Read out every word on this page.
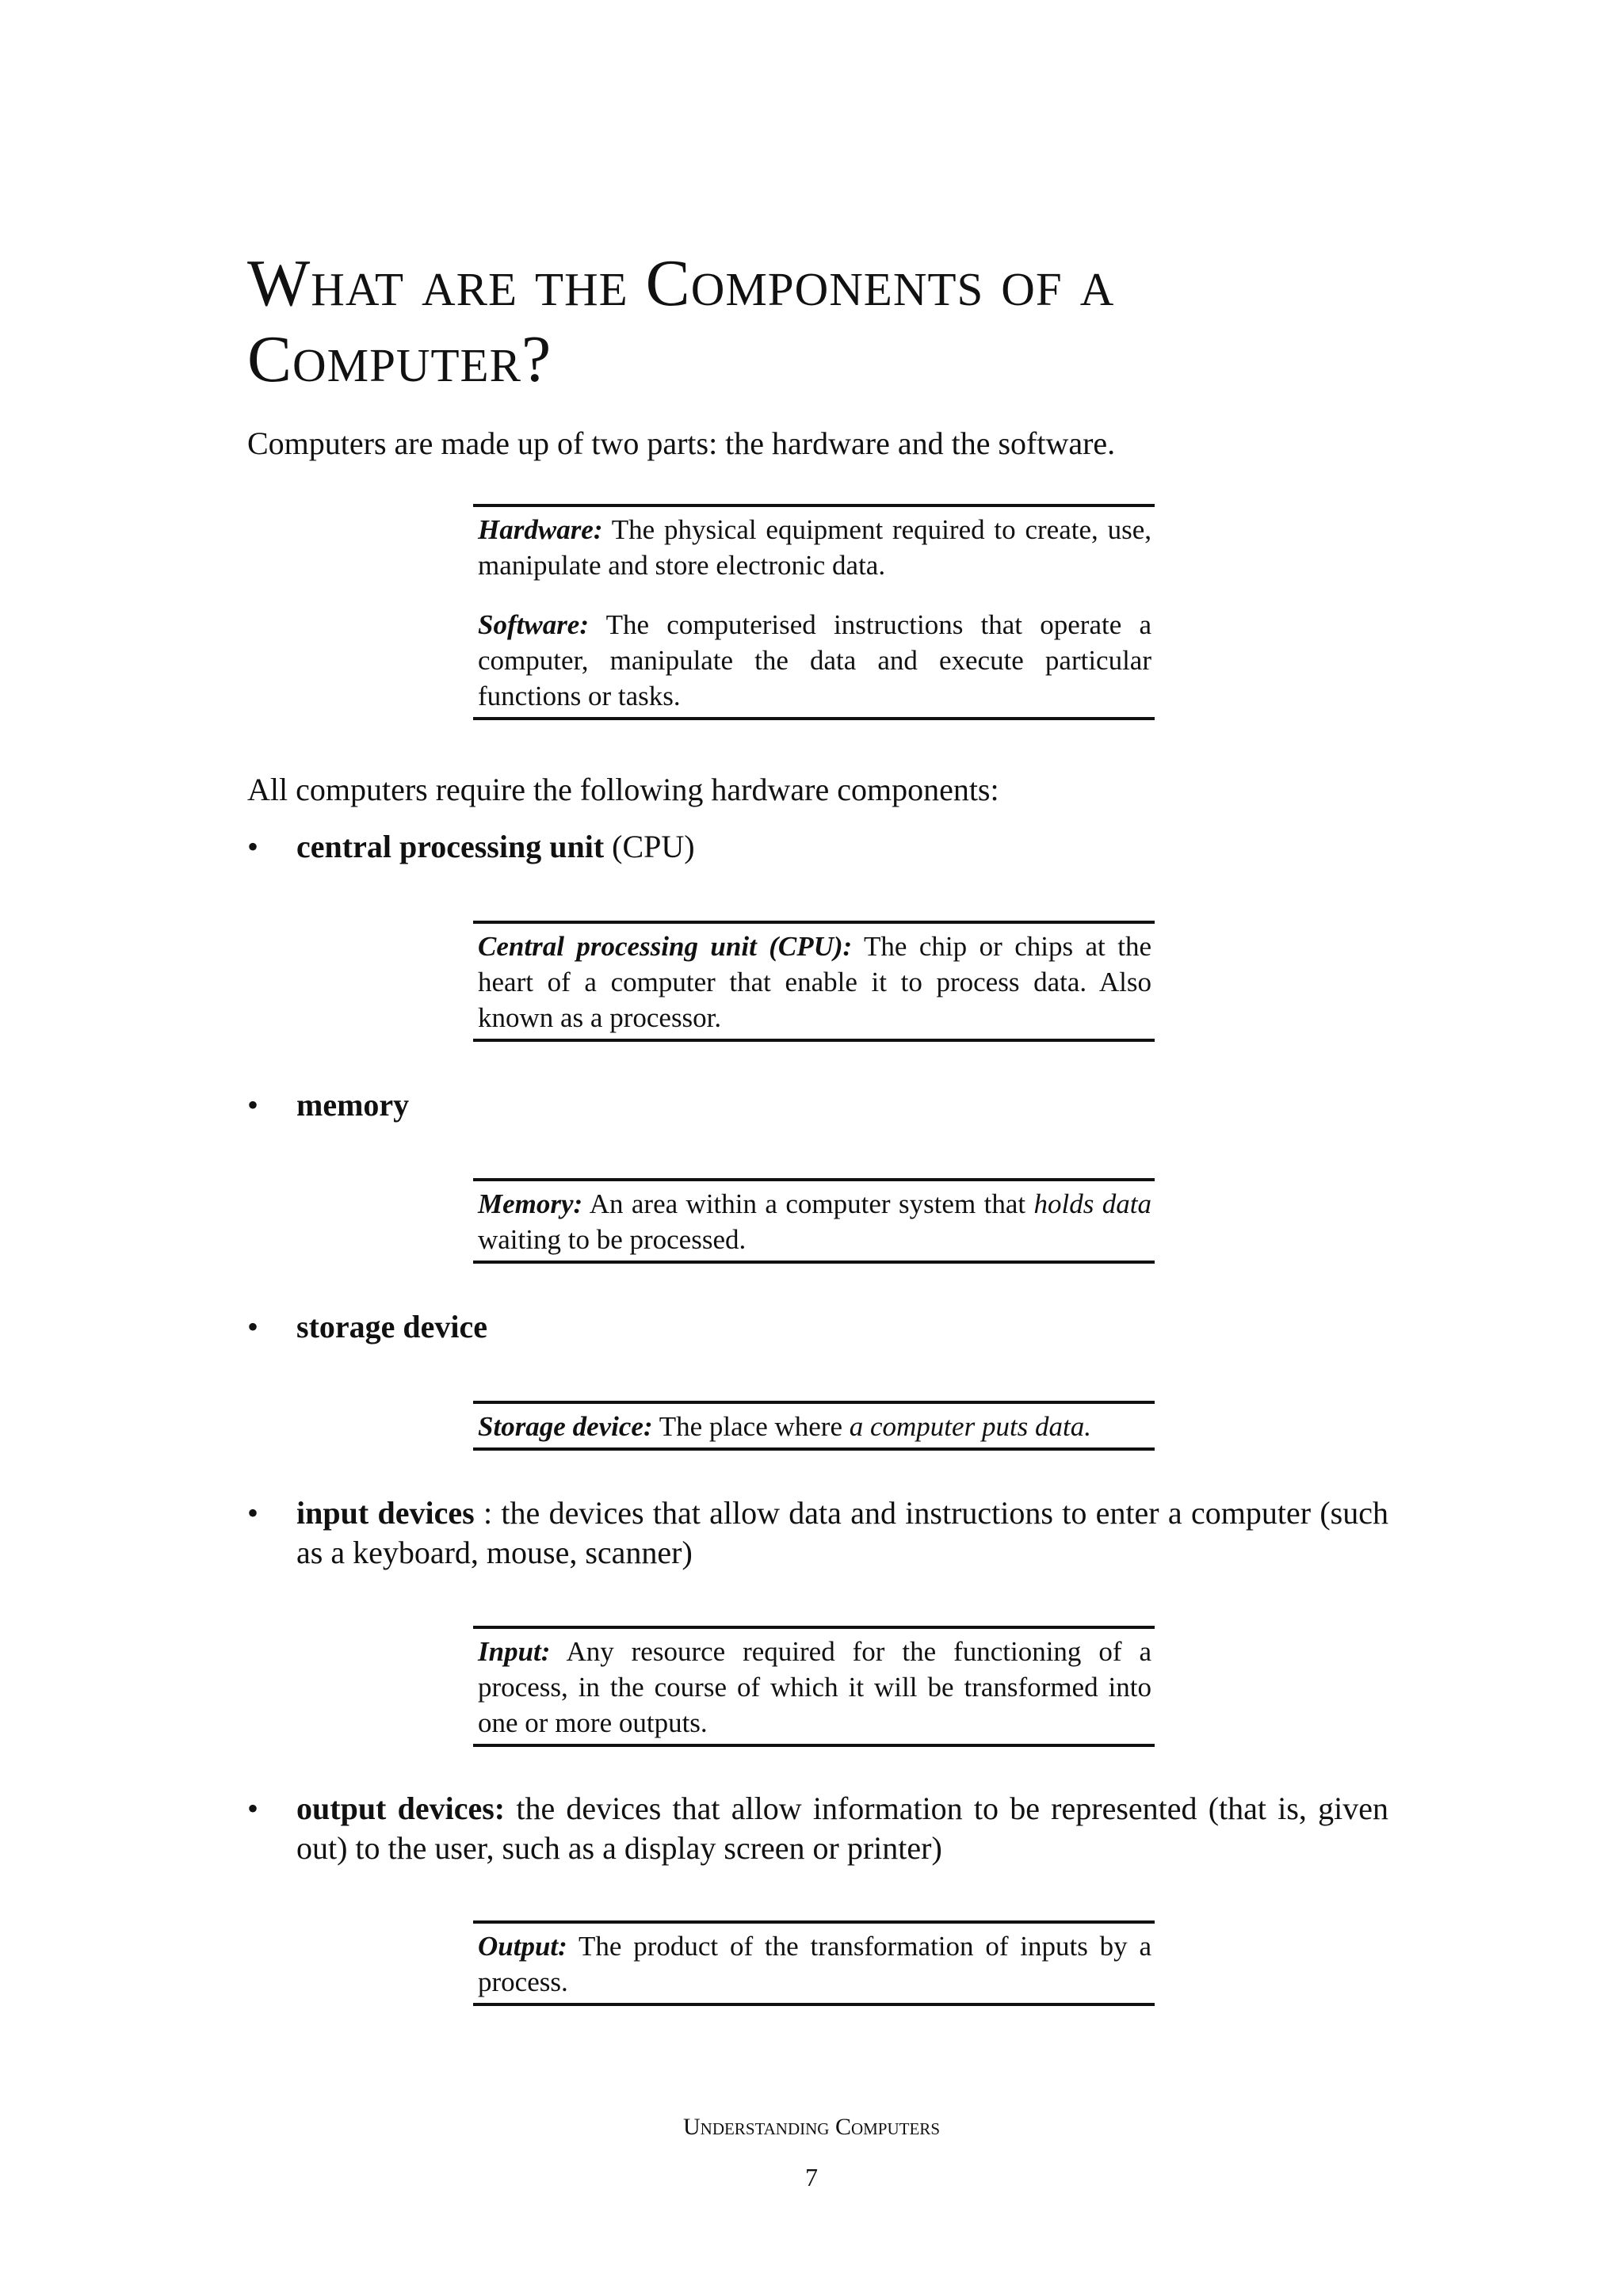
What are the Components of a Computer?

Computers are made up of two parts: the hardware and the software.

Hardware: The physical equipment required to create, use, manipulate and store electronic data.

Software: The computerised instructions that operate a computer, manipulate the data and execute particular functions or tasks.

All computers require the following hardware components:

• central processing unit (CPU)

Central processing unit (CPU): The chip or chips at the heart of a computer that enable it to process data. Also known as a processor.

• memory

Memory: An area within a computer system that holds data waiting to be processed.

• storage device

Storage device: The place where a computer puts data.

• input devices : the devices that allow data and instructions to enter a computer (such as a keyboard, mouse, scanner)

Input: Any resource required for the functioning of a process, in the course of which it will be transformed into one or more outputs.

• output devices: the devices that allow information to be represented (that is, given out) to the user, such as a display screen or printer)

Output: The product of the transformation of inputs by a process.

Understanding Computers
7
